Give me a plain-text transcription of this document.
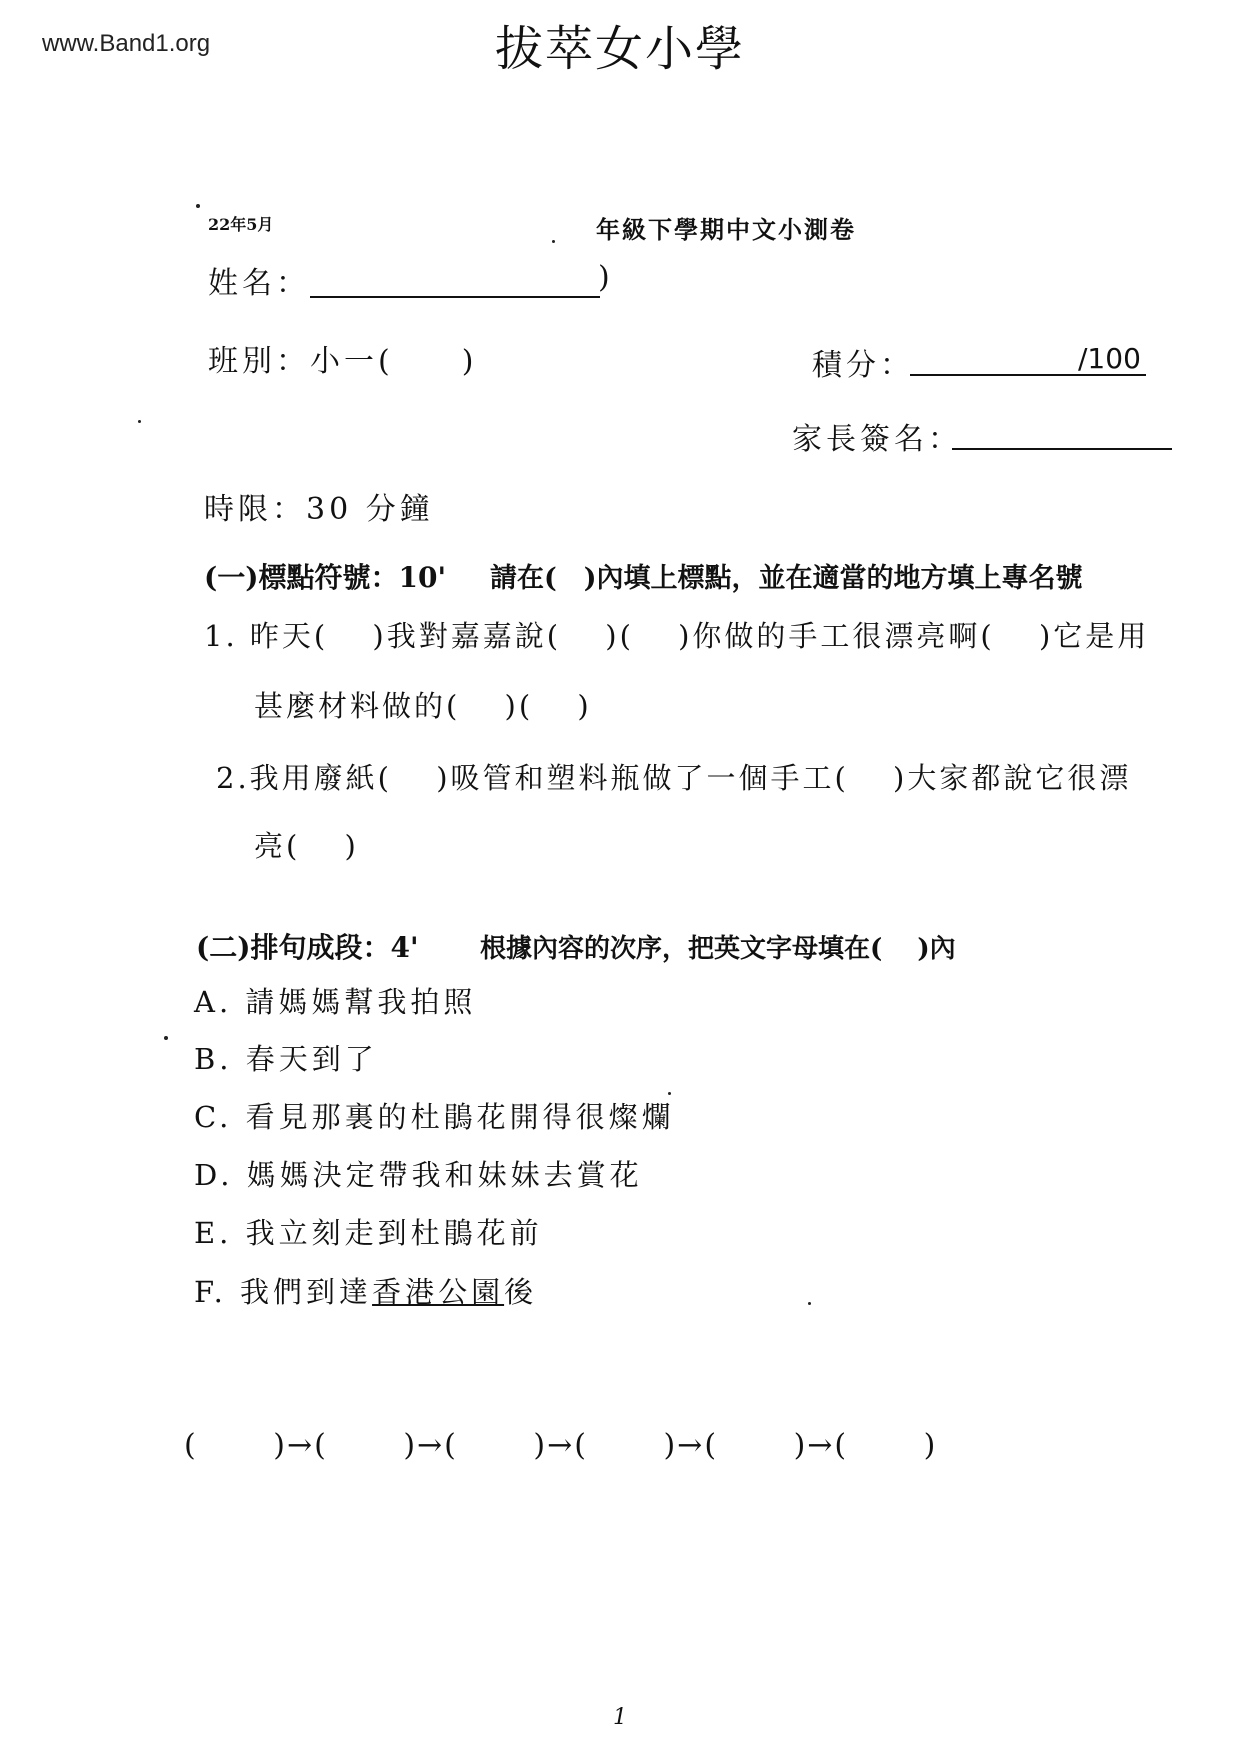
www.Band1.org	拔萃女小學
22年5月	年級下學期中文小測卷
姓名：	)
班別：小一(　　)	積分：	/100
家長簽名：
時限：30 分鐘
(一)標點符號：10' 請在(　)內填上標點，並在適當的地方填上專名號
1. 昨天(　 )我對嘉嘉說(　 )(　 )你做的手工很漂亮啊(　 )它是用
甚麼材料做的(　 )(　 )
2.我用廢紙(　 )吸管和塑料瓶做了一個手工(　 )大家都說它很漂
亮(　 )
(二)排句成段：4' 根據內容的次序，把英文字母填在(　 )內
A. 請媽媽幫我拍照
B. 春天到了
C. 看見那裏的杜鵑花開得很燦爛
D. 媽媽決定帶我和妹妹去賞花
E. 我立刻走到杜鵑花前
F. 我們到達香港公園後
(　　 )→(　　 )→(　　 )→(　　 )→(　　 )→(　　 )
1
